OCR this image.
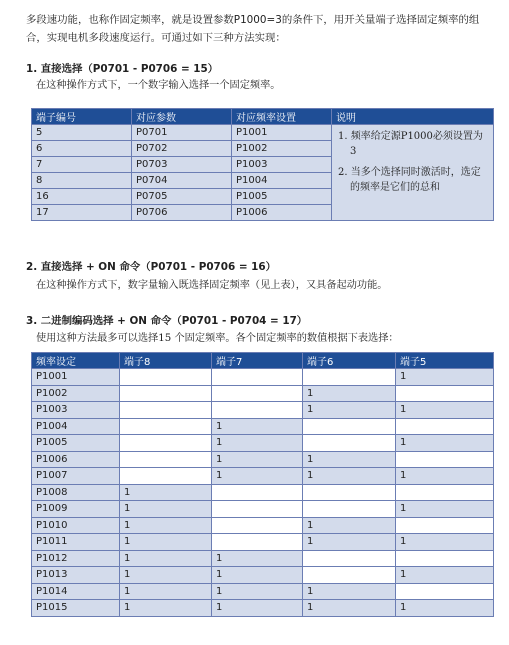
多段速功能，也称作固定频率，就是设置参数P1000=3的条件下，用开关量端子选择固定频率的组合，实现电机多段速度运行。可通过如下三种方法实现：
1. 直接选择（P0701 - P0706 = 15）
在这种操作方式下，一个数字输入选择一个固定频率。
端子编号	对应参数	对应频率设置	说明
5	P0701	P1001	1. 频率给定源P1000必须设置为 3
2. 当多个选择同时激活时，选定的频率是它们的总和

6	P0702	P1002	
7	P0703	P1003	
8	P0704	P1004	
16	P0705	P1005	
17	P0706	P1006	
2. 直接选择 + ON 命令（P0701 - P0706 = 16）
在这种操作方式下，数字量输入既选择固定频率（见上表），又具备起动功能。
3. 二进制编码选择 + ON 命令（P0701 - P0704 = 17）
使用这种方法最多可以选择15 个固定频率。各个固定频率的数值根据下表选择：
频率设定	端子8	端子7	端子6	端子5
P1001				1
P1002			1	
P1003			1	1
P1004		1		
P1005		1		1
P1006		1	1	
P1007		1	1	1
P1008	1			
P1009	1			1
P1010	1		1	
P1011	1		1	1
P1012	1	1		
P1013	1	1		1
P1014	1	1	1	
P1015	1	1	1	1
